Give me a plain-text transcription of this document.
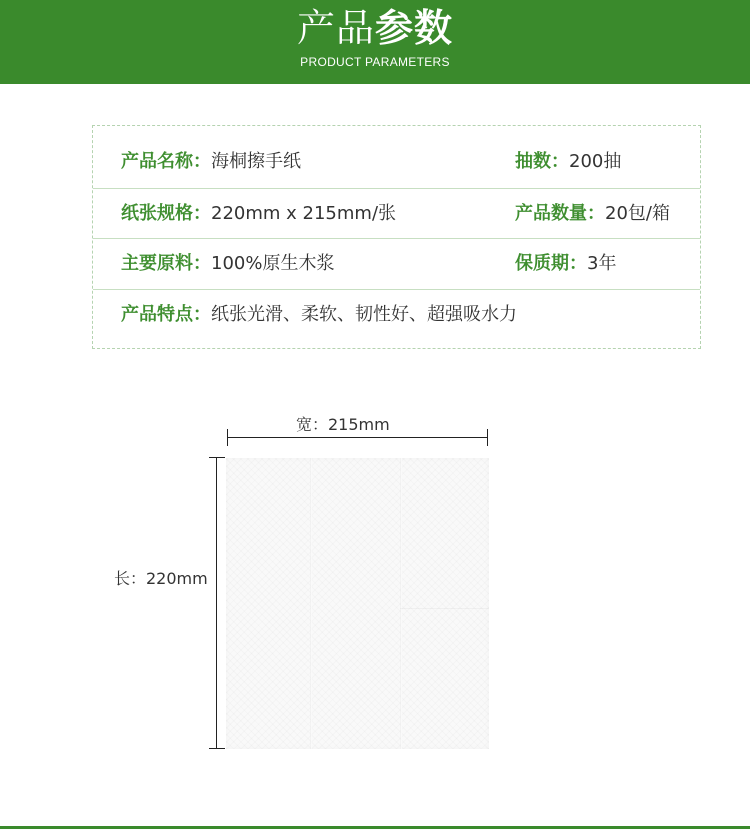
产品参数
PRODUCT PARAMETERS
产品名称：海桐擦手纸	抽数：200抽
纸张规格：220mm x 215mm/张	产品数量：20包/箱
主要原料：100%原生木浆	保质期：3年
产品特点：纸张光滑、柔软、韧性好、超强吸水力
宽：215mm
长：220mm
